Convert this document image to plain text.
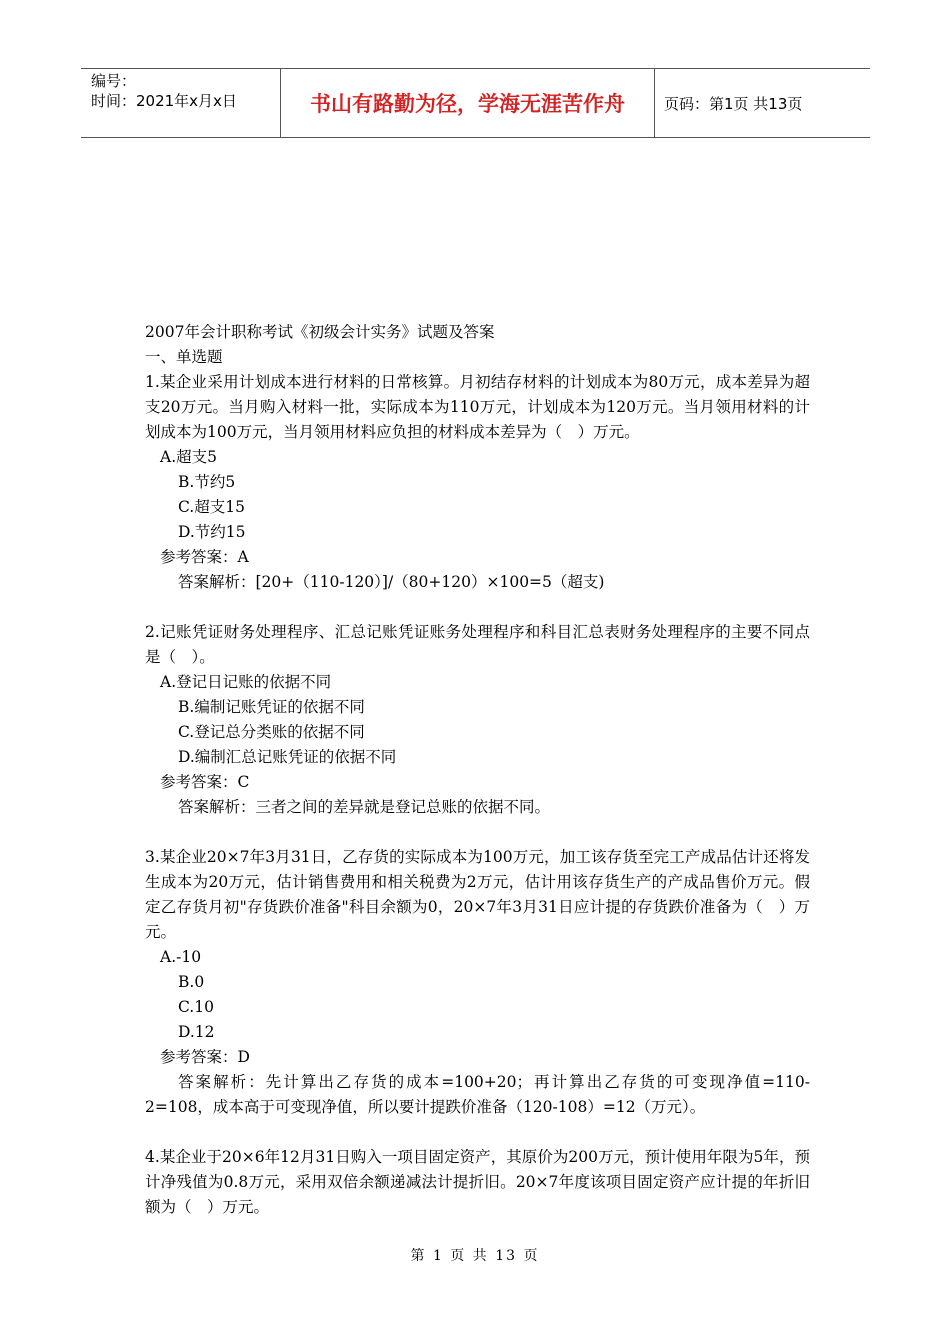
编号：
时间：2021年x月x日	书山有路勤为径，学海无涯苦作舟	页码：第1页 共13页

2007年会计职称考试《初级会计实务》试题及答案

一、单选题

1.某企业采用计划成本进行材料的日常核算。月初结存材料的计划成本为80万元，成本差异为超支20万元。当月购入材料一批，实际成本为110万元，计划成本为120万元。当月领用材料的计划成本为100万元，当月领用材料应负担的材料成本差异为（　）万元。

A.超支5

B.节约5

C.超支15

D.节约15

参考答案：A

答案解析：[20+（110-120）]/（80+120）×100=5（超支)

2.记账凭证财务处理程序、汇总记账凭证账务处理程序和科目汇总表财务处理程序的主要不同点是（　）。

A.登记日记账的依据不同

B.编制记账凭证的依据不同

C.登记总分类账的依据不同

D.编制汇总记账凭证的依据不同

参考答案：C

答案解析：三者之间的差异就是登记总账的依据不同。

3.某企业20×7年3月31日，乙存货的实际成本为100万元，加工该存货至完工产成品估计还将发生成本为20万元，估计销售费用和相关税费为2万元，估计用该存货生产的产成品售价万元。假定乙存货月初"存货跌价准备"科目余额为0，20×7年3月31日应计提的存货跌价准备为（　）万元。

A.-10

B.0

C.10

D.12

参考答案：D

答案解析：先计算出乙存货的成本=100+20；再计算出乙存货的可变现净值=110-2=108，成本高于可变现净值，所以要计提跌价准备（120-108）=12（万元）。

4.某企业于20×6年12月31日购入一项目固定资产，其原价为200万元，预计使用年限为5年，预计净残值为0.8万元，采用双倍余额递减法计提折旧。20×7年度该项目固定资产应计提的年折旧额为（　）万元。

第 1 页 共 13 页
